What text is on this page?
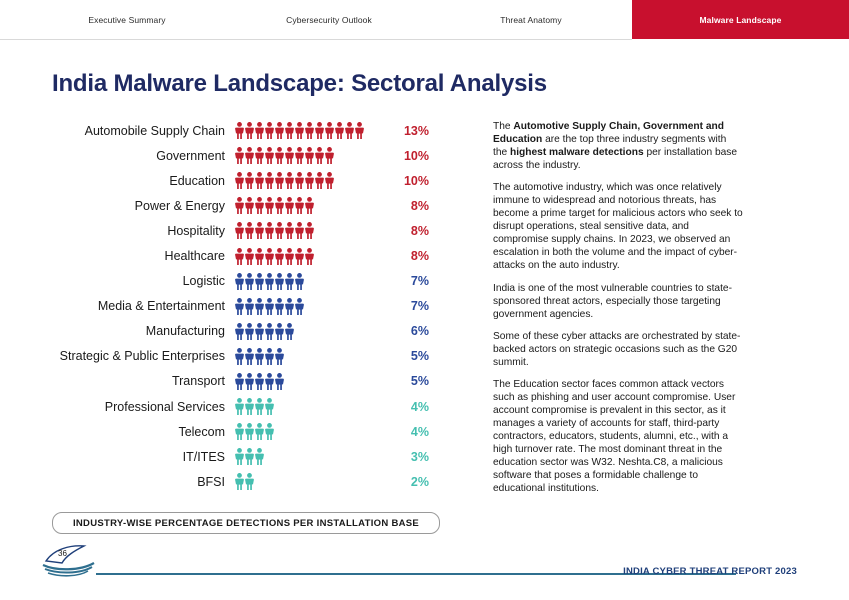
Executive Summary	Cybersecurity Outlook	Threat Anatomy	Malware Landscape
India Malware Landscape: Sectoral Analysis
Automobile Supply Chain	13%
Government	10%
Education	10%
Power & Energy	8%
Hospitality	8%
Healthcare	8%
Logistic	7%
Media & Entertainment	7%
Manufacturing	6%
Strategic & Public Enterprises	5%
Transport	5%
Professional Services	4%
Telecom	4%
IT/ITES	3%
BFSI	2%
INDUSTRY-WISE PERCENTAGE DETECTIONS PER INSTALLATION BASE

The Automotive Supply Chain, Government and Education are the top three industry segments with the highest malware detections per installation base across the industry.

The automotive industry, which was once relatively immune to widespread and notorious threats, has become a prime target for malicious actors who seek to disrupt operations, steal sensitive data, and compromise supply chains. In 2023, we observed an escalation in both the volume and the impact of cyber-attacks on the auto industry.

India is one of the most vulnerable countries to state-sponsored threat actors, especially those targeting government agencies.

Some of these cyber attacks are orchestrated by state-backed actors on strategic occasions such as the G20 summit.

The Education sector faces common attack vectors such as phishing and user account compromise. User account compromise is prevalent in this sector, as it manages a variety of accounts for staff, third-party contractors, educators, students, alumni, etc., with a high turnover rate. The most dominant threat in the education sector was W32. Neshta.C8, a malicious software that poses a formidable challenge to educational institutions.

36
INDIA CYBER THREAT REPORT 2023
